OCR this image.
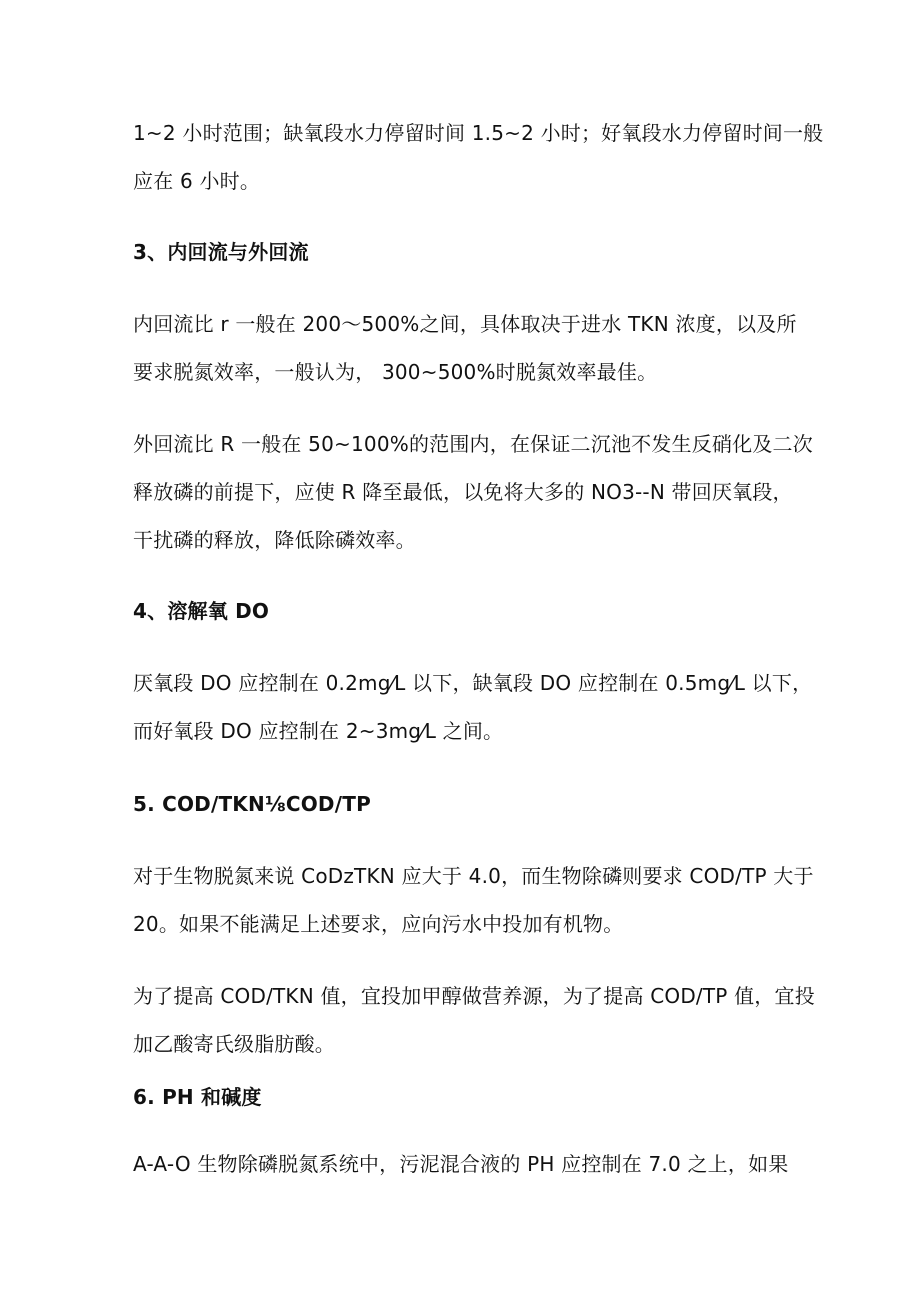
1~2 小时范围；缺氧段水力停留时间 1.5~2 小时；好氧段水力停留时间一般
应在 6 小时。
3、内回流与外回流
内回流比 r 一般在 200～500%之间，具体取决于进水 TKN 浓度，以及所
要求脱氮效率，一般认为， 300~500%时脱氮效率最佳。
外回流比 R 一般在 50~100%的范围内，在保证二沉池不发生反硝化及二次
释放磷的前提下，应使 R 降至最低，以免将大多的 NO3--N 带回厌氧段，
干扰磷的释放，降低除磷效率。
4、溶解氧 DO
厌氧段 DO 应控制在 0.2mg⁄L 以下，缺氧段 DO 应控制在 0.5mg⁄L 以下，
而好氧段 DO 应控制在 2~3mg⁄L 之间。
5. COD/TKN⅛COD/TP
对于生物脱氮来说 CoDzTKN 应大于 4.0，而生物除磷则要求 COD/TP 大于
20。如果不能满足上述要求，应向污水中投加有机物。
为了提高 COD/TKN 值，宜投加甲醇做营养源，为了提高 COD/TP 值，宜投
加乙酸寄氏级脂肪酸。
6. PH 和碱度
A-A-O 生物除磷脱氮系统中，污泥混合液的 PH 应控制在 7.0 之上，如果
